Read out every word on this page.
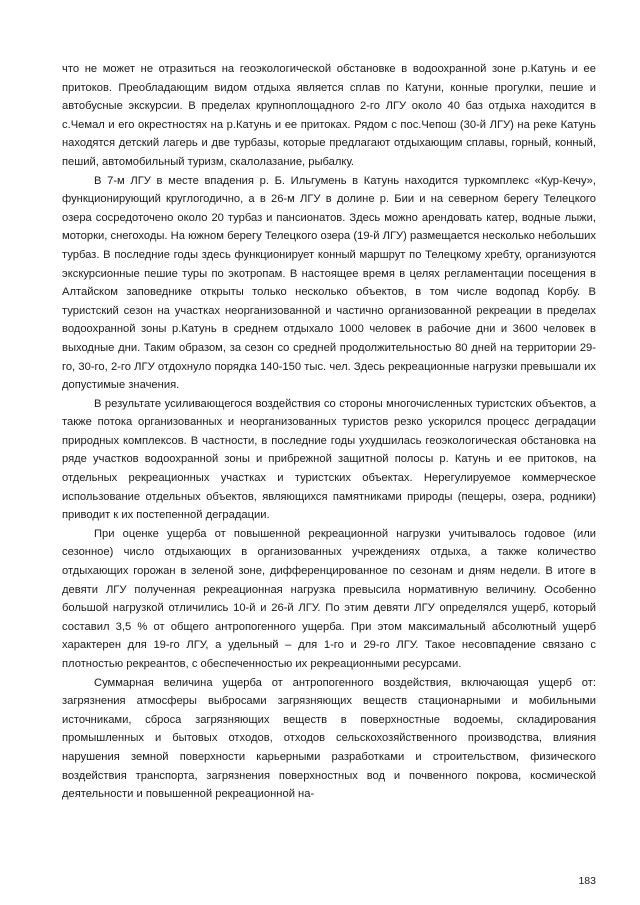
что не может не отразиться на геоэкологической обстановке в водоохранной зоне р.Катунь и ее притоков. Преобладающим видом отдыха является сплав по Катуни, конные прогулки, пешие и автобусные экскурсии. В пределах крупноплощадного 2-го ЛГУ около 40 баз отдыха находится в с.Чемал и его окрестностях на р.Катунь и ее притоках. Рядом с пос.Чепош (30-й ЛГУ) на реке Катунь находятся детский лагерь и две турбазы, которые предлагают отдыхающим сплавы, горный, конный, пеший, автомобильный туризм, скалолазание, рыбалку.

В 7-м ЛГУ в месте впадения р. Б. Ильгумень в Катунь находится туркомплекс «Кур-Кечу», функционирующий круглогодично, а в 26-м ЛГУ в долине р. Бии и на северном берегу Телецкого озера сосредоточено около 20 турбаз и пансионатов. Здесь можно арендовать катер, водные лыжи, моторки, снегоходы. На южном берегу Телецкого озера (19-й ЛГУ) размещается несколько небольших турбаз. В последние годы здесь функционирует конный маршрут по Телецкому хребту, организуются экскурсионные пешие туры по экотропам. В настоящее время в целях регламентации посещения в Алтайском заповеднике открыты только несколько объектов, в том числе водопад Корбу. В туристский сезон на участках неорганизованной и частично организованной рекреации в пределах водоохранной зоны р.Катунь в среднем отдыхало 1000 человек в рабочие дни и 3600 человек в выходные дни. Таким образом, за сезон со средней продолжительностью 80 дней на территории 29-го, 30-го, 2-го ЛГУ отдохнуло порядка 140-150 тыс. чел. Здесь рекреационные нагрузки превышали их допустимые значения.

В результате усиливающегося воздействия со стороны многочисленных туристских объектов, а также потока организованных и неорганизованных туристов резко ускорился процесс деградации природных комплексов. В частности, в последние годы ухудшилась геоэкологическая обстановка на ряде участков водоохранной зоны и прибрежной защитной полосы р. Катунь и ее притоков, на отдельных рекреационных участках и туристских объектах. Нерегулируемое коммерческое использование отдельных объектов, являющихся памятниками природы (пещеры, озера, родники) приводит к их постепенной деградации.

При оценке ущерба от повышенной рекреационной нагрузки учитывалось годовое (или сезонное) число отдыхающих в организованных учреждениях отдыха, а также количество отдыхающих горожан в зеленой зоне, дифференцированное по сезонам и дням недели. В итоге в девяти ЛГУ полученная рекреационная нагрузка превысила нормативную величину. Особенно большой нагрузкой отличились 10-й и 26-й ЛГУ. По этим девяти ЛГУ определялся ущерб, который составил 3,5 % от общего антропогенного ущерба. При этом максимальный абсолютный ущерб характерен для 19-го ЛГУ, а удельный – для 1-го и 29-го ЛГУ. Такое несовпадение связано с плотностью рекреантов, с обеспеченностью их рекреационными ресурсами.

Суммарная величина ущерба от антропогенного воздействия, включающая ущерб от: загрязнения атмосферы выбросами загрязняющих веществ стационарными и мобильными источниками, сброса загрязняющих веществ в поверхностные водоемы, складирования промышленных и бытовых отходов, отходов сельскохозяйственного производства, влияния нарушения земной поверхности карьерными разработками и строительством, физического воздействия транспорта, загрязнения поверхностных вод и почвенного покрова, космической деятельности и повышенной рекреационной на-

183
